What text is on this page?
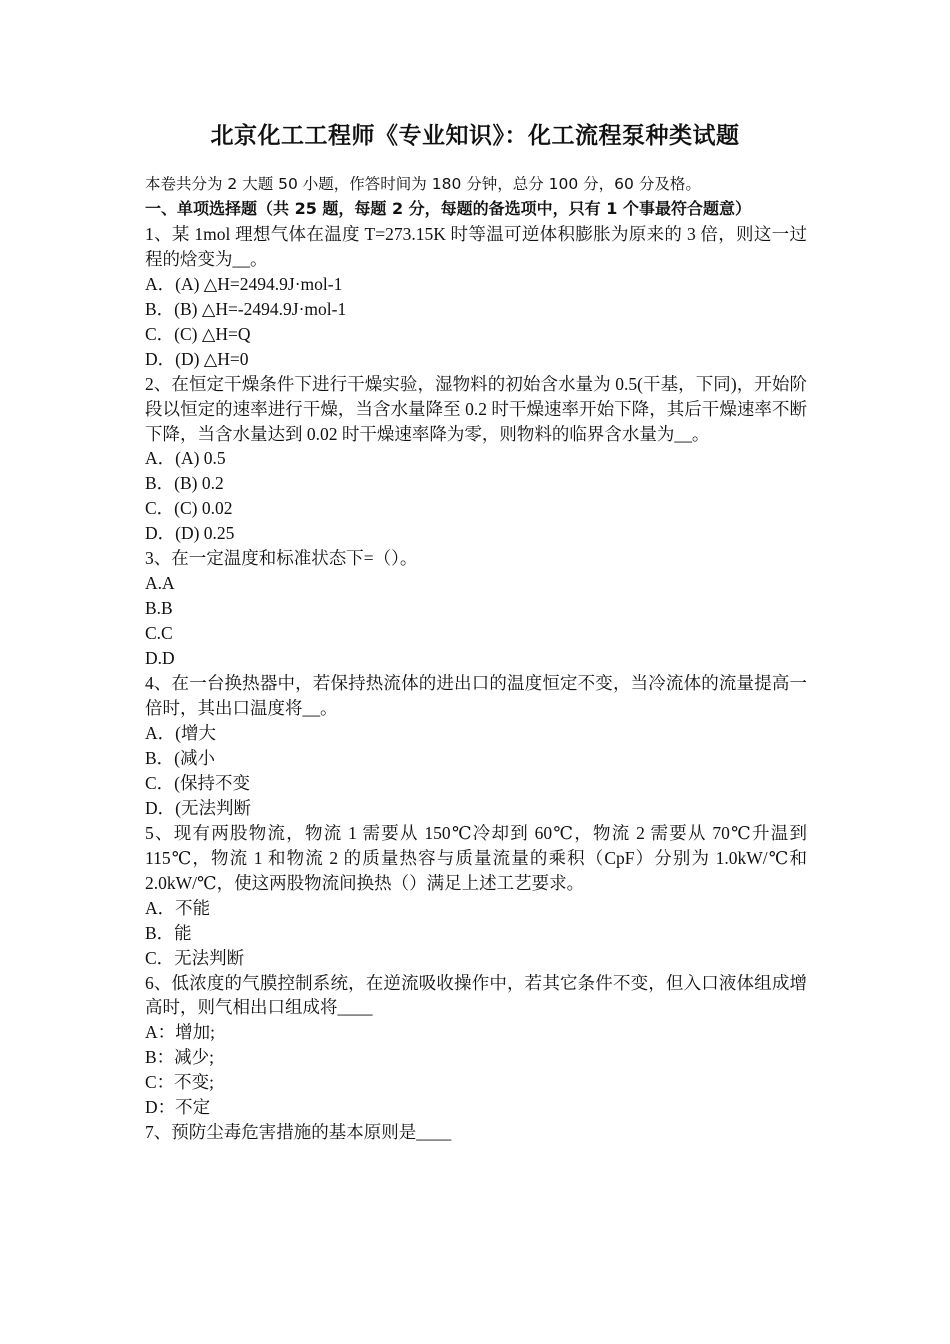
北京化工工程师《专业知识》：化工流程泵种类试题
本卷共分为 2 大题 50 小题，作答时间为 180 分钟，总分 100 分，60 分及格。
一、单项选择题（共 25 题，每题 2 分，每题的备选项中，只有 1 个事最符合题意）
1、某 1mol 理想气体在温度 T=273.15K 时等温可逆体积膨胀为原来的 3 倍，则这一过程的焓变为__。
A．(A) △H=2494.9J·mol-1
B．(B) △H=-2494.9J·mol-1
C．(C) △H=Q
D．(D) △H=0
2、在恒定干燥条件下进行干燥实验，湿物料的初始含水量为 0.5(干基，下同)，开始阶段以恒定的速率进行干燥，当含水量降至 0.2 时干燥速率开始下降，其后干燥速率不断下降，当含水量达到 0.02 时干燥速率降为零，则物料的临界含水量为__。
A．(A) 0.5
B．(B) 0.2
C．(C) 0.02
D．(D) 0.25
3、在一定温度和标准状态下=（）。
A.A
B.B
C.C
D.D
4、在一台换热器中，若保持热流体的进出口的温度恒定不变，当冷流体的流量提高一倍时，其出口温度将__。
A．(增大
B．(减小
C．(保持不变
D．(无法判断
5、现有两股物流，物流 1 需要从 150℃冷却到 60℃，物流 2 需要从 70℃升温到 115℃，物流 1 和物流 2 的质量热容与质量流量的乘积（CpF）分别为 1.0kW/℃和 2.0kW/℃，使这两股物流间换热（）满足上述工艺要求。
A．不能
B．能
C．无法判断
6、低浓度的气膜控制系统，在逆流吸收操作中，若其它条件不变，但入口液体组成增高时，则气相出口组成将____
A：增加;
B：减少;
C：不变;
D：不定
7、预防尘毒危害措施的基本原则是____
